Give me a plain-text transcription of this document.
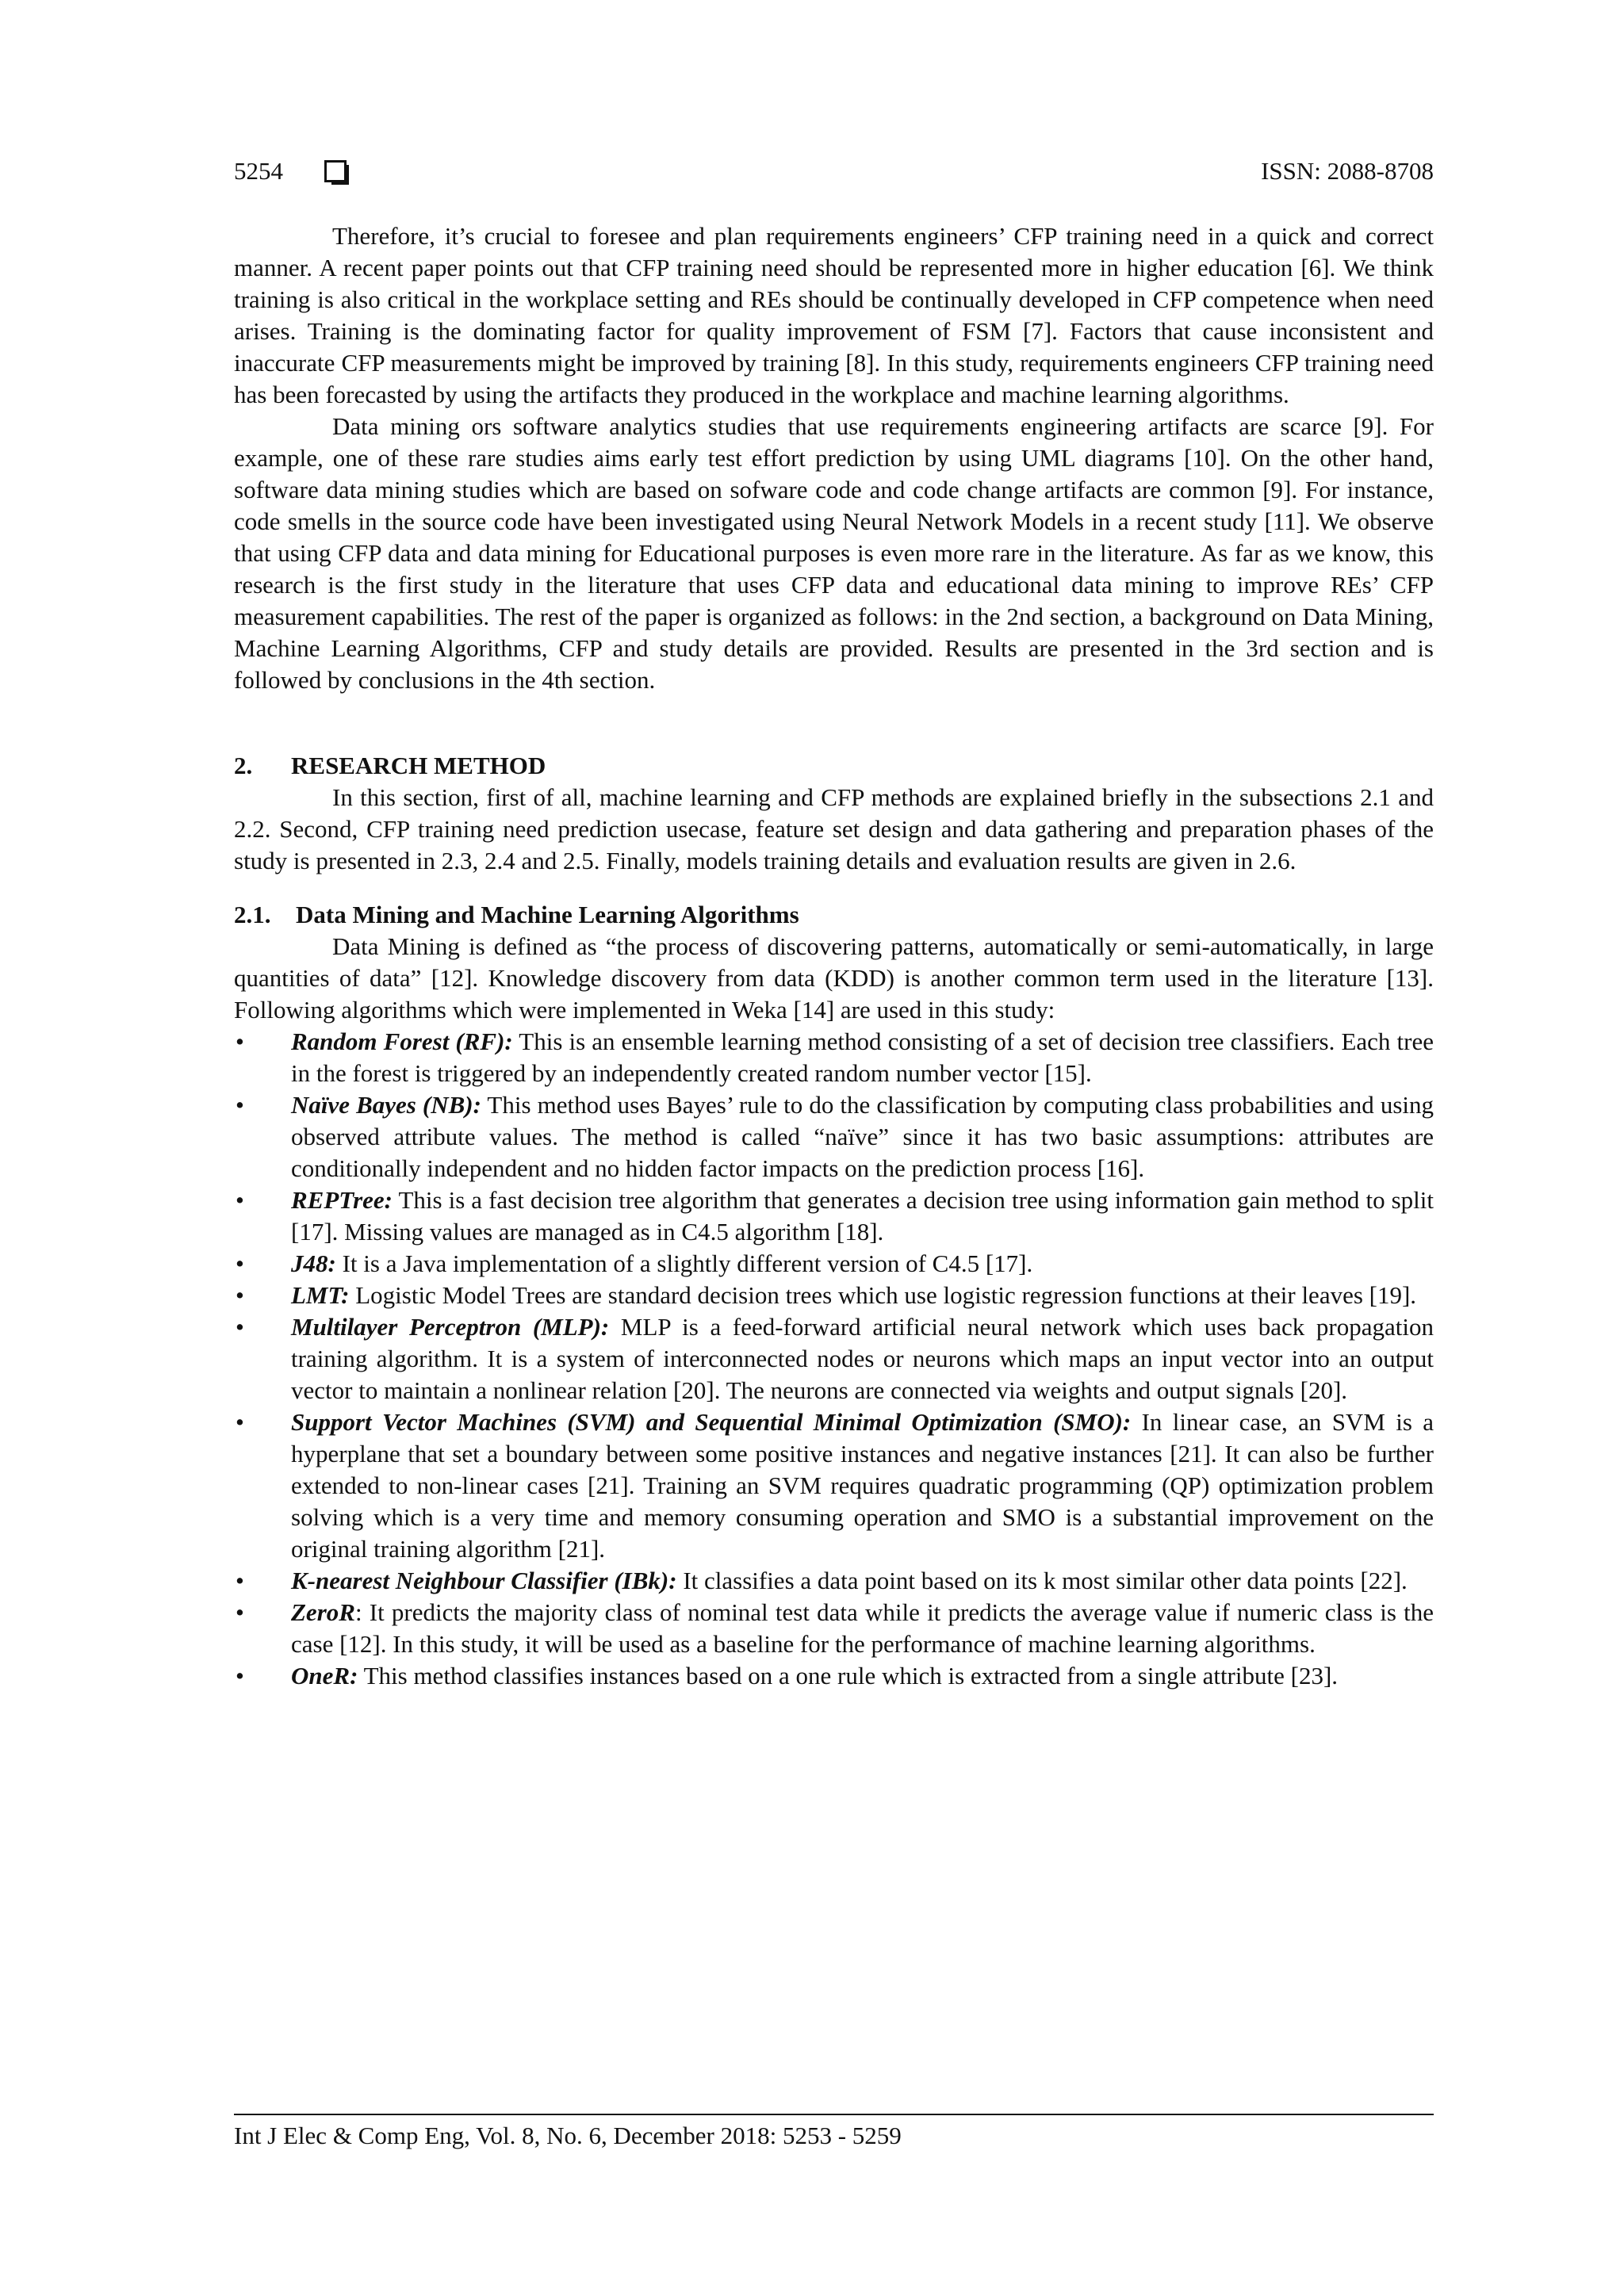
5254	ISSN: 2088-8708

Therefore, it’s crucial to foresee and plan requirements engineers’ CFP training need in a quick and correct manner. A recent paper points out that CFP training need should be represented more in higher education [6]. We think training is also critical in the workplace setting and REs should be continually developed in CFP competence when need arises. Training is the dominating factor for quality improvement of FSM [7]. Factors that cause inconsistent and inaccurate CFP measurements might be improved by training [8]. In this study, requirements engineers CFP training need has been forecasted by using the artifacts they produced in the workplace and machine learning algorithms.

Data mining ors software analytics studies that use requirements engineering artifacts are scarce [9]. For example, one of these rare studies aims early test effort prediction by using UML diagrams [10]. On the other hand, software data mining studies which are based on sofware code and code change artifacts are common [9]. For instance, code smells in the source code have been investigated using Neural Network Models in a recent study [11]. We observe that using CFP data and data mining for Educational purposes is even more rare in the literature. As far as we know, this research is the first study in the literature that uses CFP data and educational data mining to improve REs’ CFP measurement capabilities. The rest of the paper is organized as follows: in the 2nd section, a background on Data Mining, Machine Learning Algorithms, CFP and study details are provided. Results are presented in the 3rd section and is followed by conclusions in the 4th section.

2. RESEARCH METHOD

In this section, first of all, machine learning and CFP methods are explained briefly in the subsections 2.1 and 2.2. Second, CFP training need prediction usecase, feature set design and data gathering and preparation phases of the study is presented in 2.3, 2.4 and 2.5. Finally, models training details and evaluation results are given in 2.6.

2.1. Data Mining and Machine Learning Algorithms

Data Mining is defined as “the process of discovering patterns, automatically or semi-automatically, in large quantities of data” [12]. Knowledge discovery from data (KDD) is another common term used in the literature [13]. Following algorithms which were implemented in Weka [14] are used in this study:

• Random Forest (RF): This is an ensemble learning method consisting of a set of decision tree classifiers. Each tree in the forest is triggered by an independently created random number vector [15].
• Naïve Bayes (NB): This method uses Bayes’ rule to do the classification by computing class probabilities and using observed attribute values. The method is called “naïve” since it has two basic assumptions: attributes are conditionally independent and no hidden factor impacts on the prediction process [16].
• REPTree: This is a fast decision tree algorithm that generates a decision tree using information gain method to split [17]. Missing values are managed as in C4.5 algorithm [18].
• J48: It is a Java implementation of a slightly different version of C4.5 [17].
• LMT: Logistic Model Trees are standard decision trees which use logistic regression functions at their leaves [19].
• Multilayer Perceptron (MLP): MLP is a feed-forward artificial neural network which uses back propagation training algorithm. It is a system of interconnected nodes or neurons which maps an input vector into an output vector to maintain a nonlinear relation [20]. The neurons are connected via weights and output signals [20].
• Support Vector Machines (SVM) and Sequential Minimal Optimization (SMO): In linear case, an SVM is a hyperplane that set a boundary between some positive instances and negative instances [21]. It can also be further extended to non-linear cases [21]. Training an SVM requires quadratic programming (QP) optimization problem solving which is a very time and memory consuming operation and SMO is a substantial improvement on the original training algorithm [21].
• K-nearest Neighbour Classifier (IBk): It classifies a data point based on its k most similar other data points [22].
• ZeroR: It predicts the majority class of nominal test data while it predicts the average value if numeric class is the case [12]. In this study, it will be used as a baseline for the performance of machine learning algorithms.
• OneR: This method classifies instances based on a one rule which is extracted from a single attribute [23].
Int J Elec & Comp Eng, Vol. 8, No. 6, December 2018: 5253 - 5259
